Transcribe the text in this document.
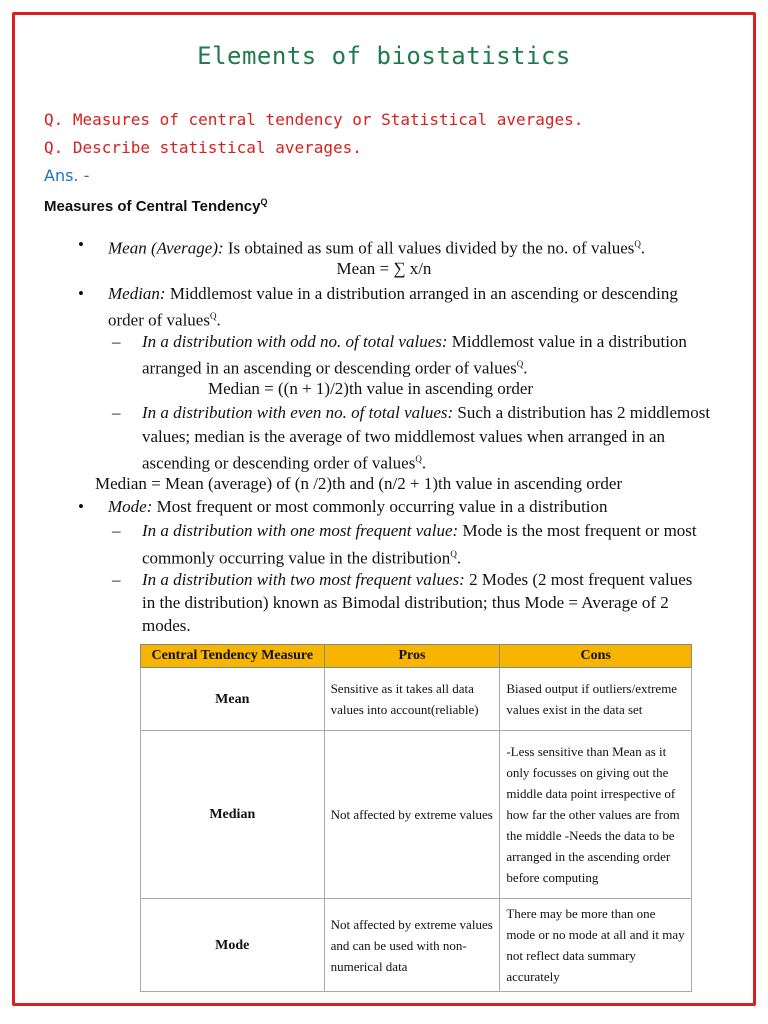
Elements of biostatistics
Q. Measures of central tendency or Statistical averages.
Q. Describe statistical averages.
Ans. -
Measures of Central Tendency$^Q$
• Mean (Average): Is obtained as sum of all values divided by the no. of values$^Q$.
Mean = ∑ x/n
• Median: Middlemost value in a distribution arranged in an ascending or descending
order of values$^Q$.
– In a distribution with odd no. of total values: Middlemost value in a distribution
arranged in an ascending or descending order of values$^Q$.
Median = ((n + 1)/2)th value in ascending order
– In a distribution with even no. of total values: Such a distribution has 2 middlemost
values; median is the average of two middlemost values when arranged in an
ascending or descending order of values$^Q$.
Median = Mean (average) of (n /2)th and (n/2 + 1)th value in ascending order
• Mode: Most frequent or most commonly occurring value in a distribution
– In a distribution with one most frequent value: Mode is the most frequent or most
commonly occurring value in the distribution$^Q$.
– In a distribution with two most frequent values: 2 Modes (2 most frequent values
in the distribution) known as Bimodal distribution; thus Mode = Average of 2
modes.
Central Tendency Measure	Pros	Cons
Mean	Sensitive as it takes all data values into account(reliable)	Biased output if outliers/extreme values exist in the data set
Median	Not affected by extreme values	-Less sensitive than Mean as it only focusses on giving out the middle data point irrespective of how far the other values are from the middle -Needs the data to be arranged in the ascending order before computing
Mode	Not affected by extreme values and can be used with non-numerical data	There may be more than one mode or no mode at all and it may not reflect data summary accurately
